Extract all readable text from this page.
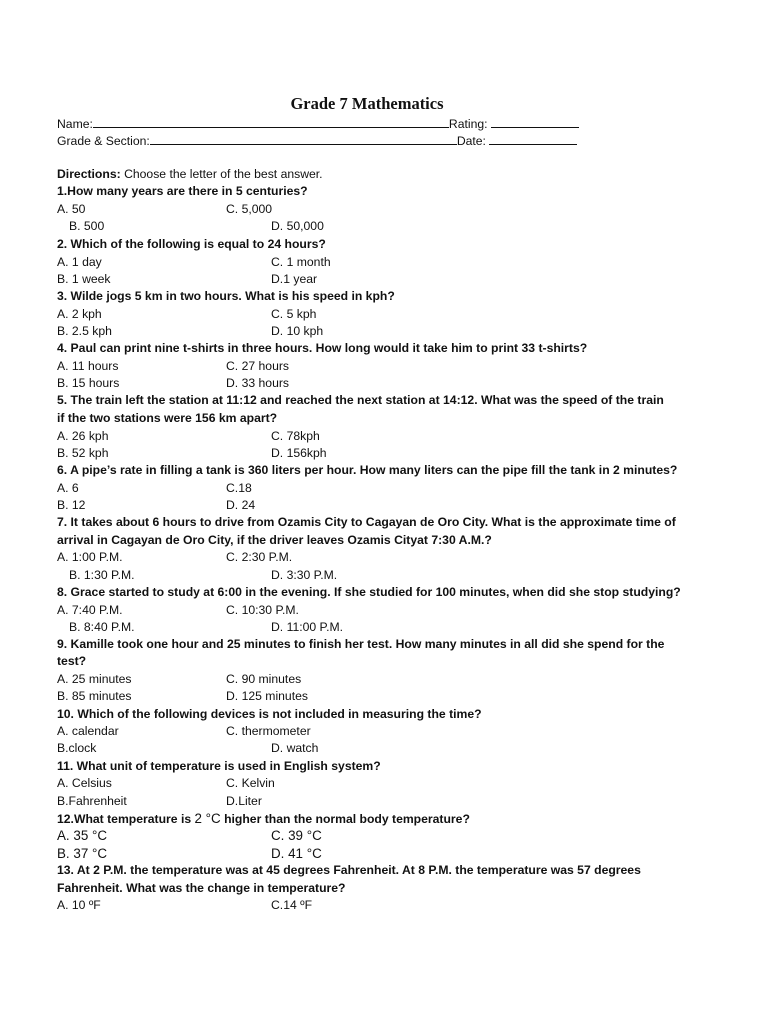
Grade 7 Mathematics
Name:	Rating:
Grade & Section:	Date:
Directions: Choose the letter of the best answer.
1.How many years are there in 5 centuries?
A. 50	C. 5,000
B. 500	D. 50,000
2. Which of the following is equal to 24 hours?
A. 1 day	C. 1 month
B. 1 week	D.1 year
3. Wilde jogs 5 km in two hours. What is his speed in kph?
A. 2 kph	C. 5 kph
B. 2.5 kph	D. 10 kph
4. Paul can print nine t-shirts in three hours. How long would it take him to print 33 t-shirts?
A. 11 hours	C. 27 hours
B. 15 hours	D. 33 hours
5. The train left the station at 11:12 and reached the next station at 14:12. What was the speed of the train
if the two stations were 156 km apart?
A. 26 kph	C. 78kph
B. 52 kph	D. 156kph
6. A pipe’s rate in filling a tank is 360 liters per hour. How many liters can the pipe fill the tank in 2 minutes?
A. 6	C.18
B. 12	D. 24
7. It takes about 6 hours to drive from Ozamis City to Cagayan de Oro City. What is the approximate time of
arrival in Cagayan de Oro City, if the driver leaves Ozamis Cityat 7:30 A.M.?
A. 1:00 P.M.	C. 2:30 P.M.
B. 1:30 P.M.	D. 3:30 P.M.
8. Grace started to study at 6:00 in the evening. If she studied for 100 minutes, when did she stop studying?
A. 7:40 P.M.	C. 10:30 P.M.
B. 8:40 P.M.	D. 11:00 P.M.
9. Kamille took one hour and 25 minutes to finish her test. How many minutes in all did she spend for the
test?
A. 25 minutes	C. 90 minutes
B. 85 minutes	D. 125 minutes
10. Which of the following devices is not included in measuring the time?
A. calendar	C. thermometer
B.clock	D. watch
11. What unit of temperature is used in English system?
A. Celsius	C. Kelvin
B.Fahrenheit	D.Liter
12.What temperature is 2 °C higher than the normal body temperature?
A. 35 °C	C. 39 °C
B. 37 °C	D. 41 °C
13. At 2 P.M. the temperature was at 45 degrees Fahrenheit. At 8 P.M. the temperature was 57 degrees
Fahrenheit. What was the change in temperature?
A. 10 ºF	C.14 ºF
